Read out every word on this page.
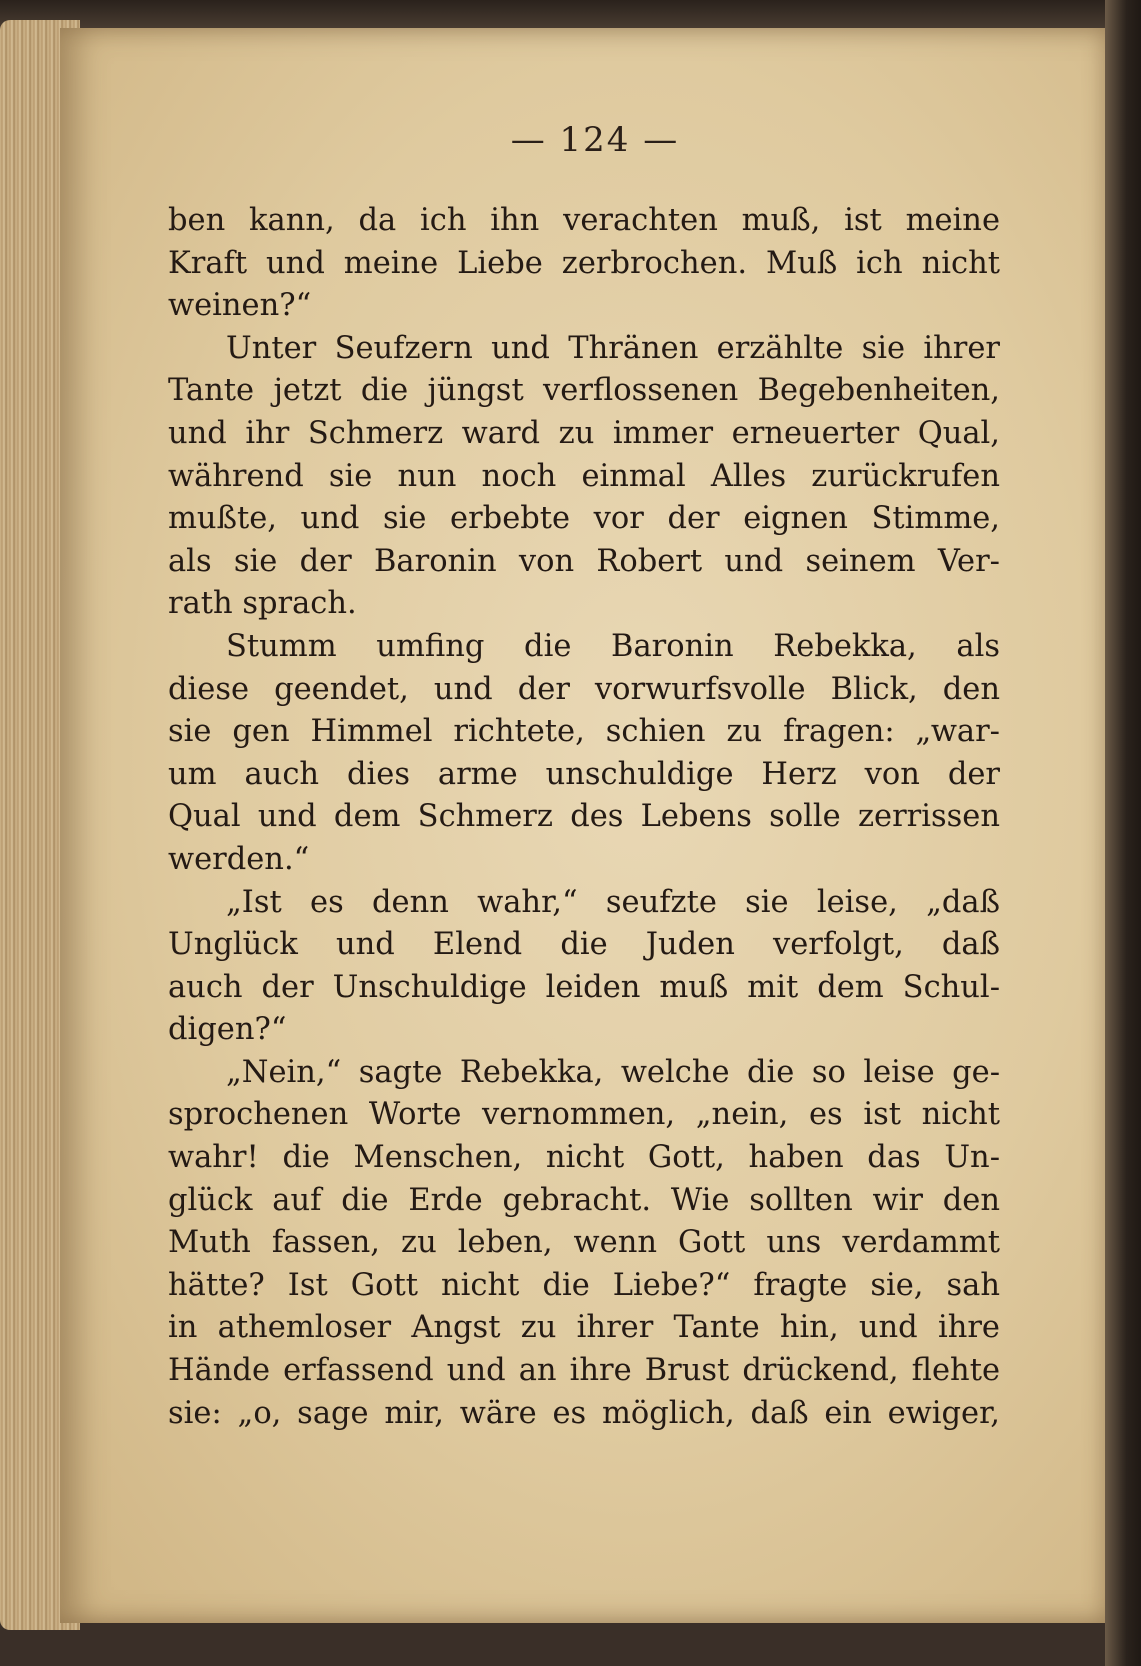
— 124 —
ben kann, da ich ihn verachten muß, ist meine
Kraft und meine Liebe zerbrochen. Muß ich nicht
weinen?“
Unter Seufzern und Thränen erzählte sie ihrer
Tante jetzt die jüngst verflossenen Begebenheiten,
und ihr Schmerz ward zu immer erneuerter Qual,
während sie nun noch einmal Alles zurückrufen
mußte, und sie erbebte vor der eignen Stimme,
als sie der Baronin von Robert und seinem Ver-
rath sprach.
Stumm umfing die Baronin Rebekka, als
diese geendet, und der vorwurfsvolle Blick, den
sie gen Himmel richtete, schien zu fragen: „war-
um auch dies arme unschuldige Herz von der
Qual und dem Schmerz des Lebens solle zerrissen
werden.“
„Ist es denn wahr,“ seufzte sie leise, „daß
Unglück und Elend die Juden verfolgt, daß
auch der Unschuldige leiden muß mit dem Schul-
digen?“
„Nein,“ sagte Rebekka, welche die so leise ge-
sprochenen Worte vernommen, „nein, es ist nicht
wahr! die Menschen, nicht Gott, haben das Un-
glück auf die Erde gebracht. Wie sollten wir den
Muth fassen, zu leben, wenn Gott uns verdammt
hätte? Ist Gott nicht die Liebe?“ fragte sie, sah
in athemloser Angst zu ihrer Tante hin, und ihre
Hände erfassend und an ihre Brust drückend, flehte
sie: „o, sage mir, wäre es möglich, daß ein ewiger,
